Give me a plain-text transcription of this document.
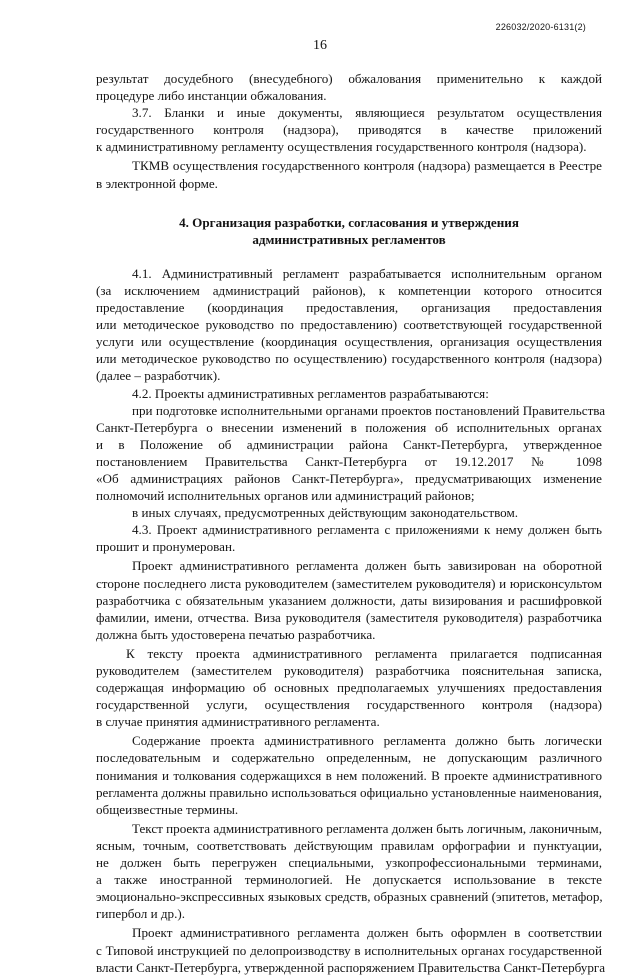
226032/2020-6131(2)
16
результат досудебного (внесудебного) обжалования применительно к каждой
процедуре либо инстанции обжалования.
3.7. Бланки и иные документы, являющиеся результатом осуществления
государственного контроля (надзора), приводятся в качестве приложений
к административному регламенту осуществления государственного контроля (надзора).
ТКМВ осуществления государственного контроля (надзора) размещается в Реестре
в электронной форме.
4. Организация разработки, согласования и утверждения
административных регламентов
4.1. Административный регламент разрабатывается исполнительным органом
(за исключением администраций районов), к компетенции которого относится
предоставление (координация предоставления, организация предоставления
или методическое руководство по предоставлению) соответствующей государственной
услуги или осуществление (координация осуществления, организация осуществления
или методическое руководство по осуществлению) государственного контроля (надзора)
(далее – разработчик).
4.2. Проекты административных регламентов разрабатываются:
при подготовке исполнительными органами проектов постановлений Правительства
Санкт-Петербурга о внесении изменений в положения об исполнительных органах
и в Положение об администрации района Санкт-Петербурга, утвержденное
постановлением Правительства Санкт-Петербурга от 19.12.2017 № 1098
«Об администрациях районов Санкт-Петербурга», предусматривающих изменение
полномочий исполнительных органов или администраций районов;
в иных случаях, предусмотренных действующим законодательством.
4.3. Проект административного регламента с приложениями к нему должен быть
прошит и пронумерован.
Проект административного регламента должен быть завизирован на оборотной
стороне последнего листа руководителем (заместителем руководителя) и юрисконсультом
разработчика с обязательным указанием должности, даты визирования и расшифровкой
фамилии, имени, отчества. Виза руководителя (заместителя руководителя) разработчика
должна быть удостоверена печатью разработчика.
К тексту проекта административного регламента прилагается подписанная
руководителем (заместителем руководителя) разработчика пояснительная записка,
содержащая информацию об основных предполагаемых улучшениях предоставления
государственной услуги, осуществления государственного контроля (надзора)
в случае принятия административного регламента.
Содержание проекта административного регламента должно быть логически
последовательным и содержательно определенным, не допускающим различного
понимания и толкования содержащихся в нем положений. В проекте административного
регламента должны правильно использоваться официально установленные наименования,
общеизвестные термины.
Текст проекта административного регламента должен быть логичным, лаконичным,
ясным, точным, соответствовать действующим правилам орфографии и пунктуации,
не должен быть перегружен специальными, узкопрофессиональными терминами,
а также иностранной терминологией. Не допускается использование в тексте
эмоционально-экспрессивных языковых средств, образных сравнений (эпитетов, метафор,
гипербол и др.).
Проект административного регламента должен быть оформлен в соответствии
с Типовой инструкцией по делопроизводству в исполнительных органах государственной
власти Санкт-Петербурга, утвержденной распоряжением Правительства Санкт-Петербурга
